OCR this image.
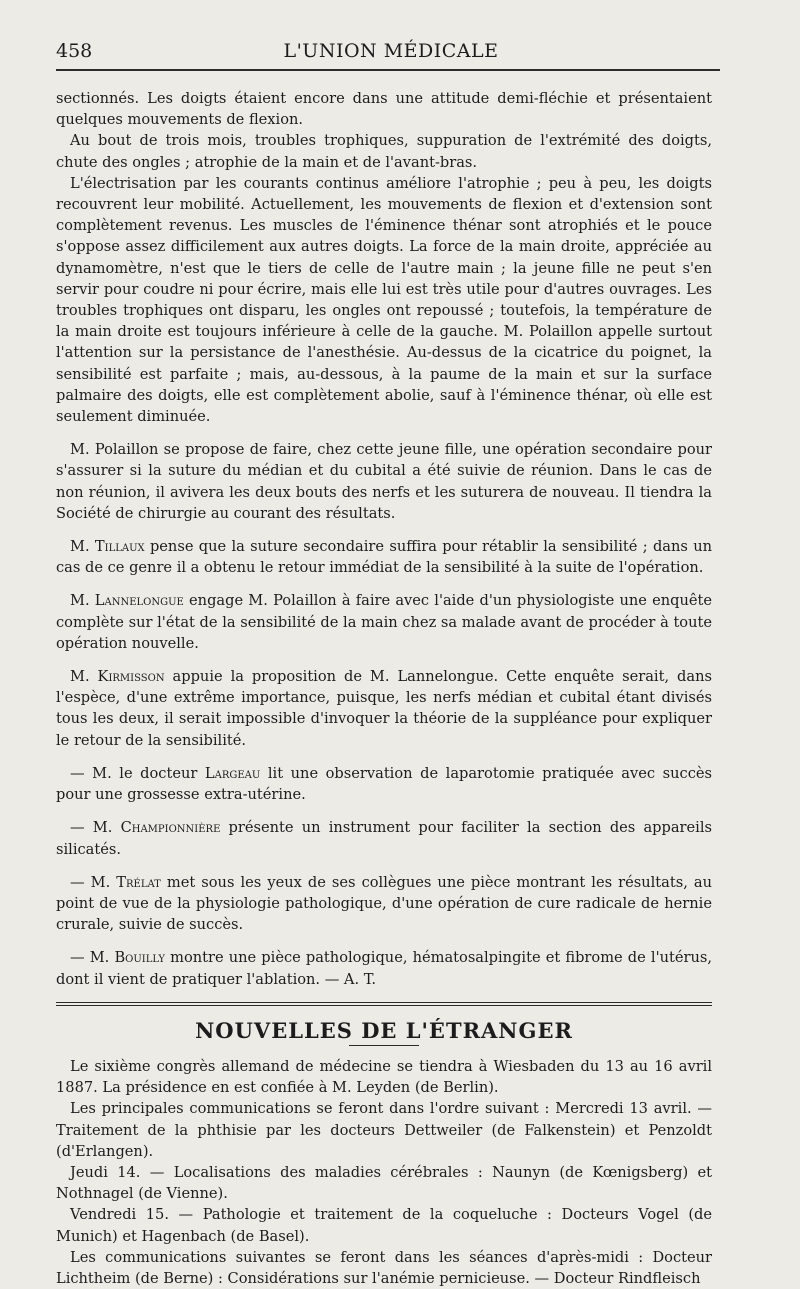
458	L'UNION MÉDICALE

sectionnés. Les doigts étaient encore dans une attitude demi-fléchie et présentaient quelques mouvements de flexion.

Au bout de trois mois, troubles trophiques, suppuration de l'extrémité des doigts, chute des ongles ; atrophie de la main et de l'avant-bras.

L'électrisation par les courants continus améliore l'atrophie ; peu à peu, les doigts recouvrent leur mobilité. Actuellement, les mouvements de flexion et d'extension sont complètement revenus. Les muscles de l'éminence thénar sont atrophiés et le pouce s'oppose assez difficilement aux autres doigts. La force de la main droite, appréciée au dynamomètre, n'est que le tiers de celle de l'autre main ; la jeune fille ne peut s'en servir pour coudre ni pour écrire, mais elle lui est très utile pour d'autres ouvrages. Les troubles trophiques ont disparu, les ongles ont repoussé ; toutefois, la température de la main droite est toujours inférieure à celle de la gauche. M. Polaillon appelle surtout l'attention sur la persistance de l'anesthésie. Au-dessus de la cicatrice du poignet, la sensibilité est parfaite ; mais, au-dessous, à la paume de la main et sur la surface palmaire des doigts, elle est complètement abolie, sauf à l'éminence thénar, où elle est seulement diminuée.

M. Polaillon se propose de faire, chez cette jeune fille, une opération secondaire pour s'assurer si la suture du médian et du cubital a été suivie de réunion. Dans le cas de non réunion, il avivera les deux bouts des nerfs et les suturera de nouveau. Il tiendra la Société de chirurgie au courant des résultats.

M. Tillaux pense que la suture secondaire suffira pour rétablir la sensibilité ; dans un cas de ce genre il a obtenu le retour immédiat de la sensibilité à la suite de l'opération.

M. Lannelongue engage M. Polaillon à faire avec l'aide d'un physiologiste une enquête complète sur l'état de la sensibilité de la main chez sa malade avant de procéder à toute opération nouvelle.

M. Kirmisson appuie la proposition de M. Lannelongue. Cette enquête serait, dans l'espèce, d'une extrême importance, puisque, les nerfs médian et cubital étant divisés tous les deux, il serait impossible d'invoquer la théorie de la suppléance pour expliquer le retour de la sensibilité.

— M. le docteur Largeau lit une observation de laparotomie pratiquée avec succès pour une grossesse extra-utérine.

— M. Championnière présente un instrument pour faciliter la section des appareils silicatés.

— M. Trélat met sous les yeux de ses collègues une pièce montrant les résultats, au point de vue de la physiologie pathologique, d'une opération de cure radicale de hernie crurale, suivie de succès.

— M. Bouilly montre une pièce pathologique, hématosalpingite et fibrome de l'utérus, dont il vient de pratiquer l'ablation. — A. T.

NOUVELLES DE L'ÉTRANGER

Le sixième congrès allemand de médecine se tiendra à Wiesbaden du 13 au 16 avril 1887. La présidence en est confiée à M. Leyden (de Berlin).

Les principales communications se feront dans l'ordre suivant : Mercredi 13 avril. — Traitement de la phthisie par les docteurs Dettweiler (de Falkenstein) et Penzoldt (d'Erlangen).

Jeudi 14. — Localisations des maladies cérébrales : Naunyn (de Kœnigsberg) et Nothnagel (de Vienne).

Vendredi 15. — Pathologie et traitement de la coqueluche : Docteurs Vogel (de Munich) et Hagenbach (de Basel).

Les communications suivantes se feront dans les séances d'après-midi : Docteur Lichtheim (de Berne) : Considérations sur l'anémie pernicieuse. — Docteur Rindfleisch
